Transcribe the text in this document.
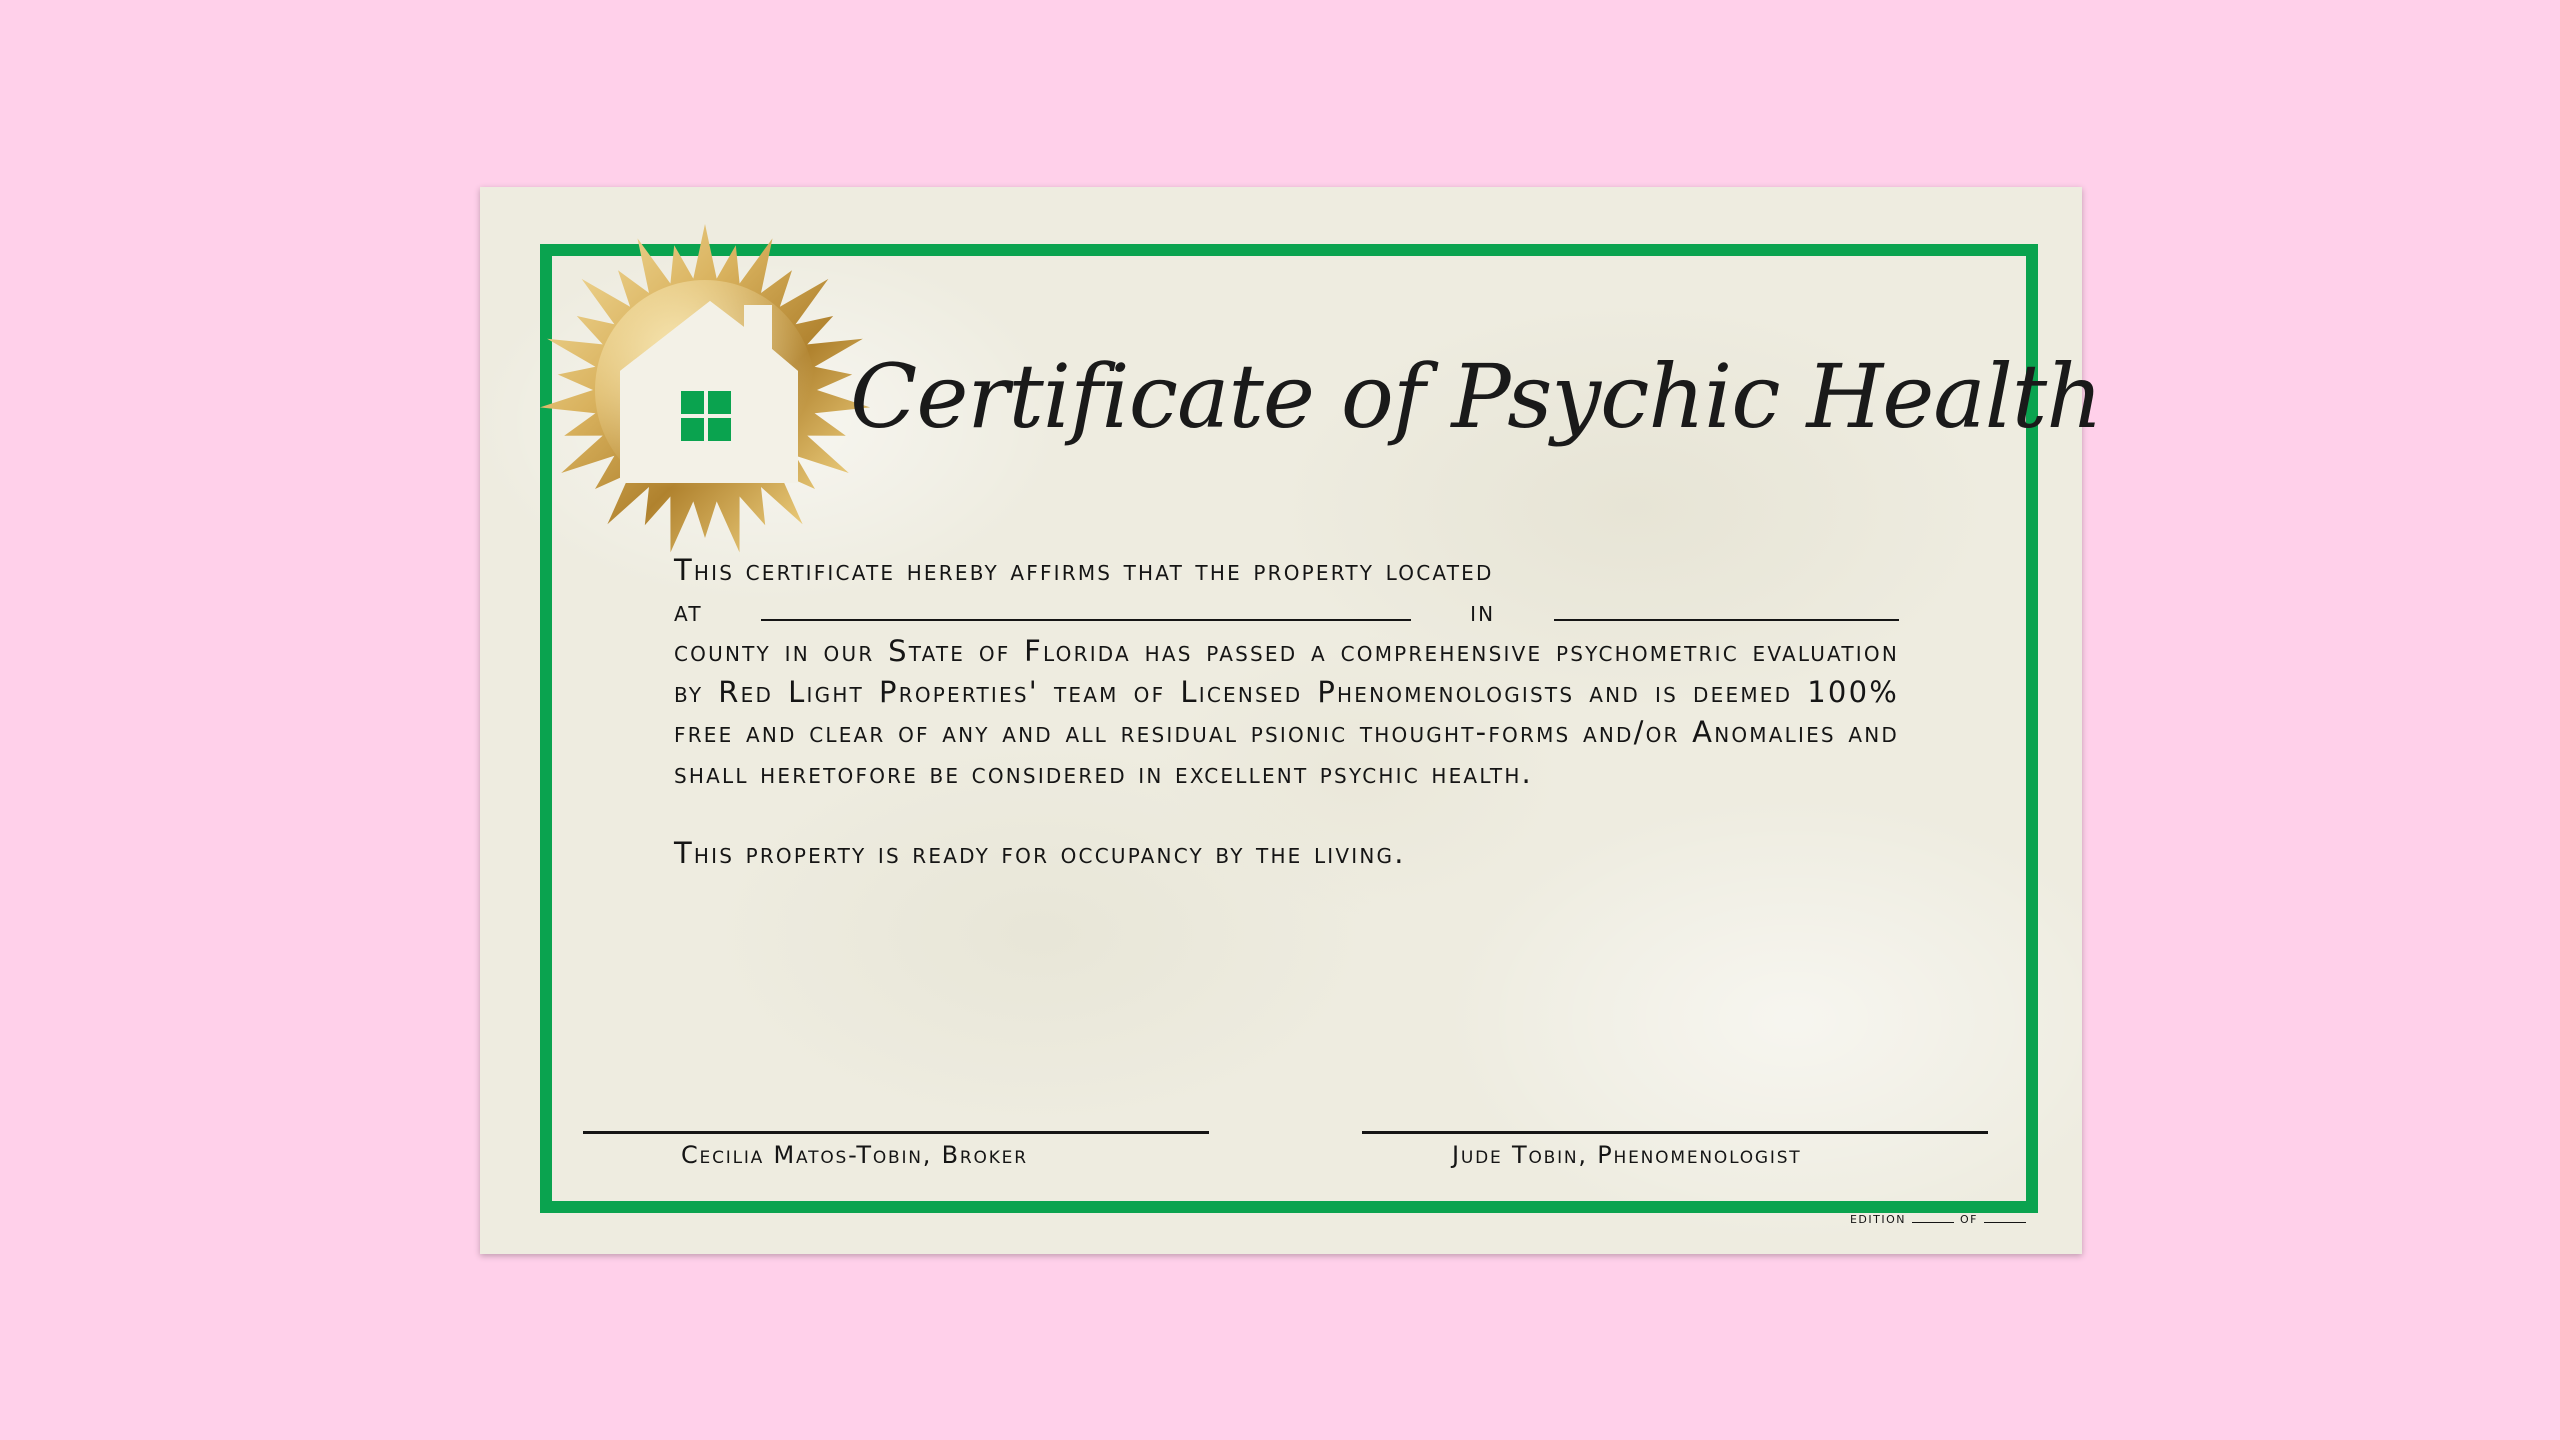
Certificate of Psychic Health
This certificate hereby affirms that the property located
at	in

county in our State of Florida has passed a comprehensive psychometric evaluation by Red Light Properties' team of Licensed Phenomenologists and is deemed 100% free and clear of any and all residual psionic thought-forms and/or Anomalies and shall heretofore be considered in excellent psychic health.

This property is ready for occupancy by the living.

Cecilia Matos-Tobin, Broker	Jude Tobin, Phenomenologist
edition	of
